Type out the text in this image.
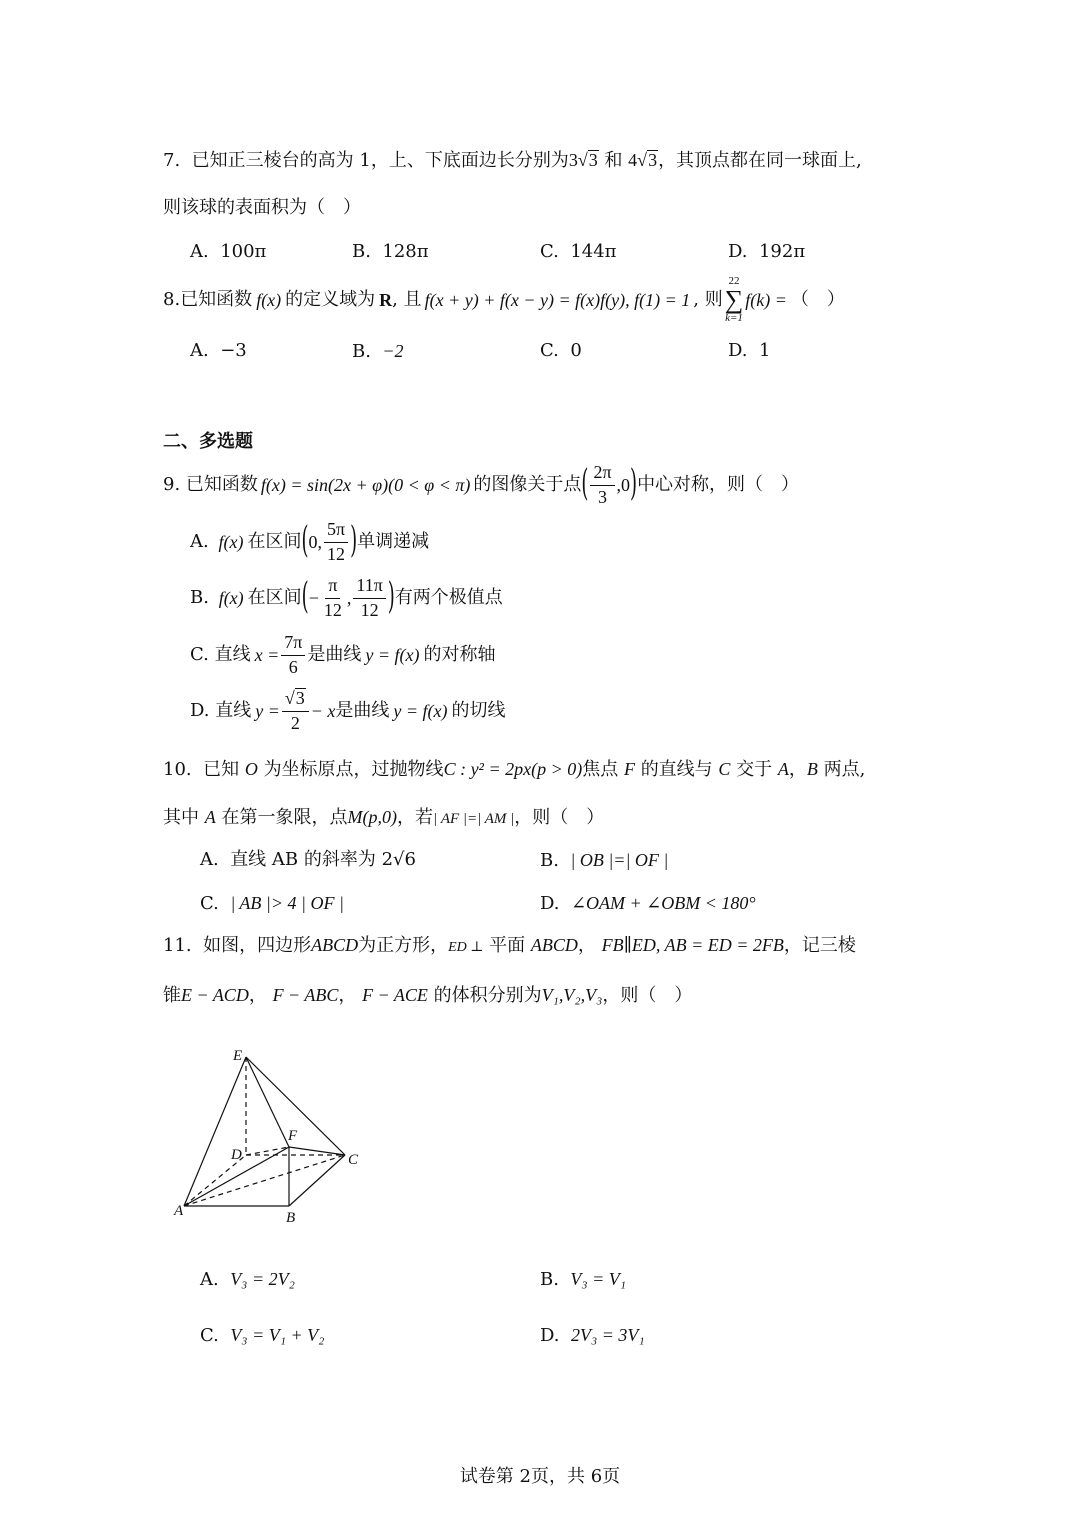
7. 已知正三棱台的高为 1，上、下底面边长分别为3√3 和 4√3，其顶点都在同一球面上,
则该球的表面积为（　）
A. 100π	B. 128π	C. 144π	D. 192π
8. 已知函数 f(x) 的定义域为 R , 且 f(x + y) + f(x − y) = f(x)f(y), f(1) = 1 , 则
22
∑
k=1
f(k) = （　）
A. −3	B. −2	C. 0	D. 1
二、多选题
9.
已知函数 f(x) = sin(2x + φ)(0 < φ < π) 的图像关于点 ( $\frac{2\pi}{3} ,0$ ) 中心对称，则（　）
A.
f(x) 在区间 ( 0, $\frac{5\pi}{12}$ ) 单调递减
B.
f(x) 在区间 ( − $\frac{\pi}{12}$ , $\frac{11\pi}{12}$ ) 有两个极值点
C.
直线 $x = \frac{7\pi}{6}$ 是曲线 y = f(x) 的对称轴
D.
直线 $y = \frac{√3}{2} - x$ 是曲线 y = f(x) 的切线
10. 已知 O 为坐标原点，过抛物线C : y² = 2px(p > 0)焦点 F 的直线与 C 交于 A，B 两点,
其中 A 在第一象限，点M(p,0)，若| AF |=| AM |，则（　）
A. 直线 AB 的斜率为 2√6	B. | OB |=| OF |
C. | AB |> 4 | OF |	D. ∠OAM + ∠OBM < 180°
11. 如图，四边形ABCD为正方形，ED ⊥ 平面 ABCD， FB∥ED, AB = ED = 2FB，记三棱
锥E − ACD， F − ABC， F − ACE 的体积分别为V₁,V₂,V₃，则（　）
E
F
D	C
A	B
A. V₃ = 2V₂	B. V₃ = V₁
C. V₃ = V₁ + V₂	D. 2V₃ = 3V₁
试卷第 2页，共 6页
